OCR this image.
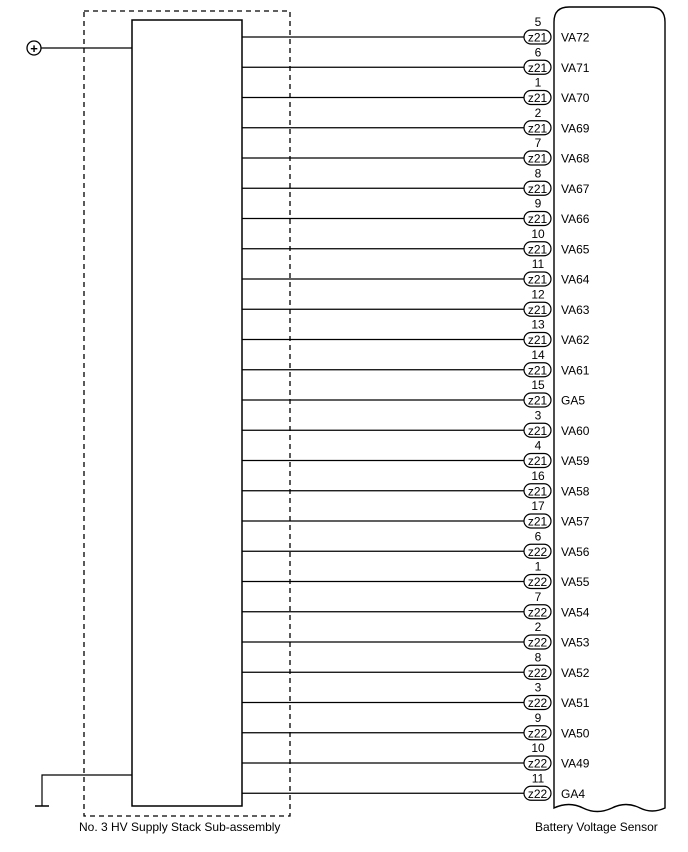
+
z21
5
VA72
z21
6
VA71
z21
1
VA70
z21
2
VA69
z21
7
VA68
z21
8
VA67
z21
9
VA66
z21
10
VA65
z21
11
VA64
z21
12
VA63
z21
13
VA62
z21
14
VA61
z21
15
GA5
z21
3
VA60
z21
4
VA59
z21
16
VA58
z21
17
VA57
z22
6
VA56
z22
1
VA55
z22
7
VA54
z22
2
VA53
z22
8
VA52
z22
3
VA51
z22
9
VA50
z22
10
VA49
z22
11
GA4
No. 3 HV Supply Stack Sub-assembly	Battery Voltage Sensor
